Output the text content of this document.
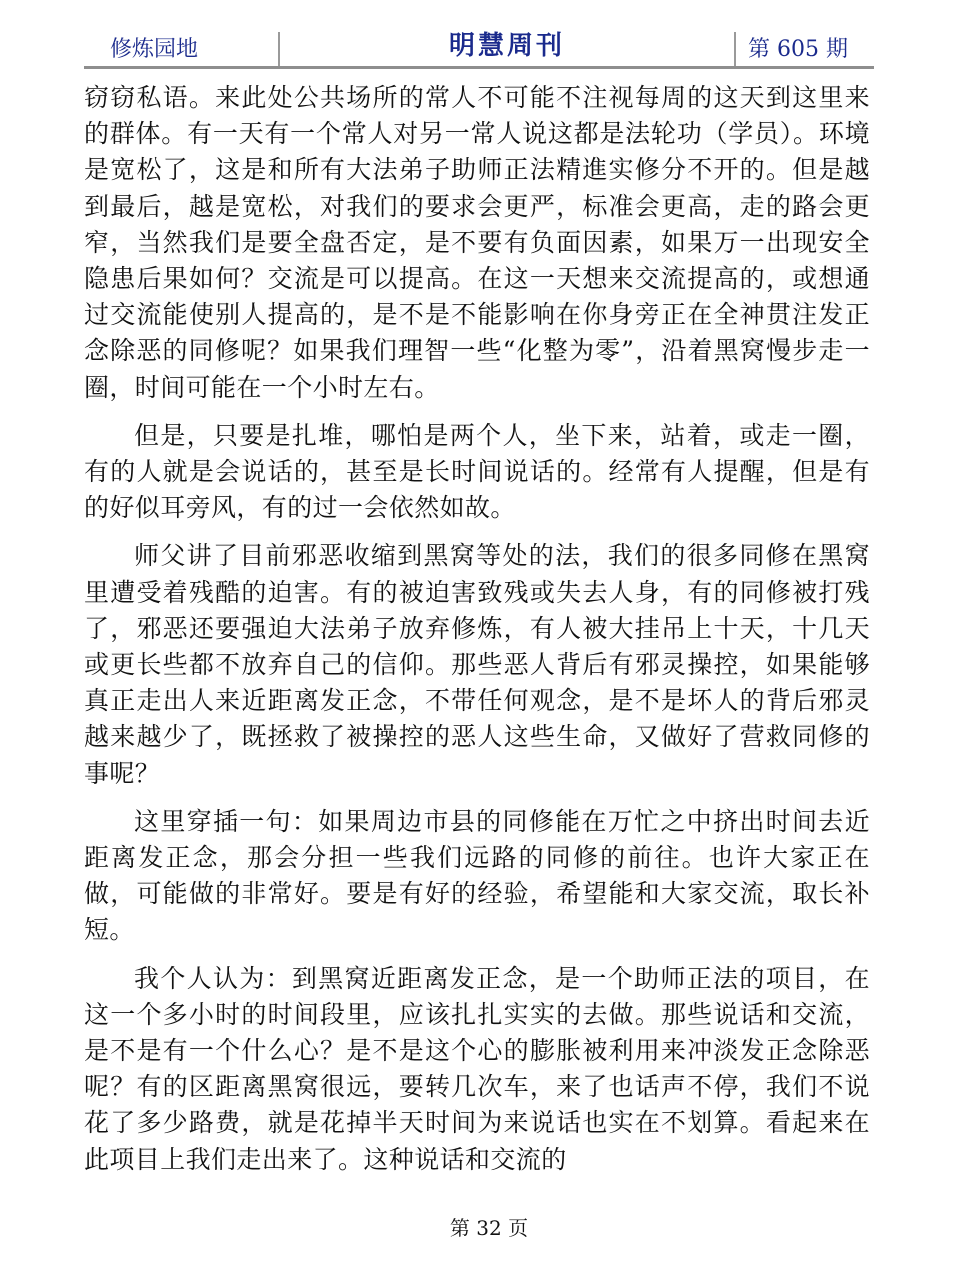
修炼园地	明慧周刊	第 605 期

窃窃私语。来此处公共场所的常人不可能不注视每周的这天到这里来的群体。有一天有一个常人对另一常人说这都是法轮功（学员）。环境是宽松了，这是和所有大法弟子助师正法精進实修分不开的。但是越到最后，越是宽松，对我们的要求会更严，标准会更高，走的路会更窄，当然我们是要全盘否定，是不要有负面因素，如果万一出现安全隐患后果如何？交流是可以提高。在这一天想来交流提高的，或想通过交流能使别人提高的，是不是不能影响在你身旁正在全神贯注发正念除恶的同修呢？如果我们理智一些“化整为零”，沿着黑窝慢步走一圈，时间可能在一个小时左右。

但是，只要是扎堆，哪怕是两个人，坐下来，站着，或走一圈，有的人就是会说话的，甚至是长时间说话的。经常有人提醒，但是有的好似耳旁风，有的过一会依然如故。

师父讲了目前邪恶收缩到黑窝等处的法，我们的很多同修在黑窝里遭受着残酷的迫害。有的被迫害致残或失去人身，有的同修被打残了，邪恶还要强迫大法弟子放弃修炼，有人被大挂吊上十天，十几天或更长些都不放弃自己的信仰。那些恶人背后有邪灵操控，如果能够真正走出人来近距离发正念，不带任何观念，是不是坏人的背后邪灵越来越少了，既拯救了被操控的恶人这些生命，又做好了营救同修的事呢？

这里穿插一句：如果周边市县的同修能在万忙之中挤出时间去近距离发正念，那会分担一些我们远路的同修的前往。也许大家正在做，可能做的非常好。要是有好的经验，希望能和大家交流，取长补短。

我个人认为：到黑窝近距离发正念，是一个助师正法的项目，在这一个多小时的时间段里，应该扎扎实实的去做。那些说话和交流，是不是有一个什么心？是不是这个心的膨胀被利用来冲淡发正念除恶呢？有的区距离黑窝很远，要转几次车，来了也话声不停，我们不说花了多少路费，就是花掉半天时间为来说话也实在不划算。看起来在此项目上我们走出来了。这种说话和交流的

第 32 页
